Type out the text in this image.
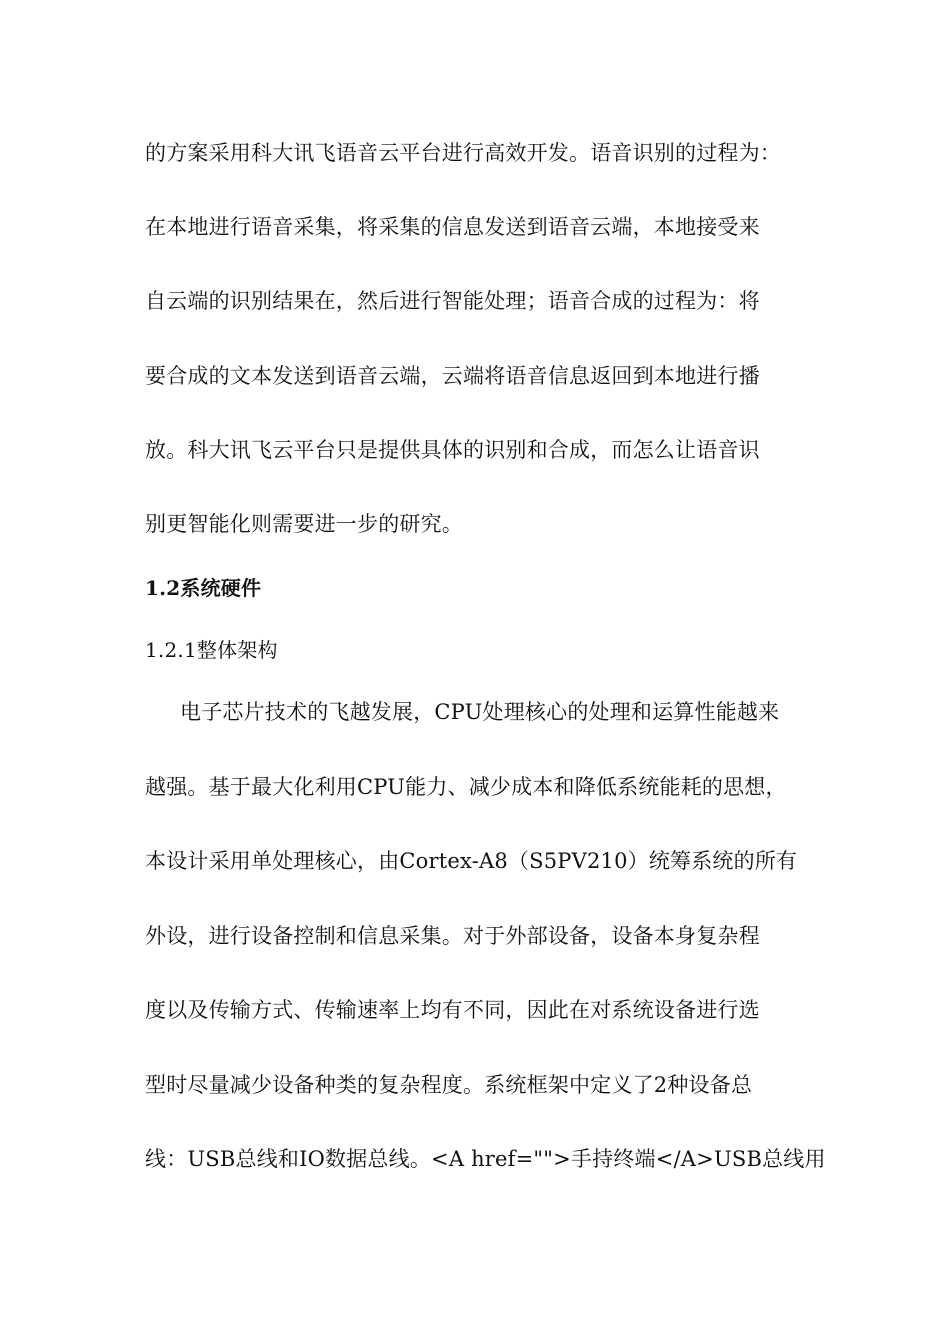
的方案采用科大讯飞语音云平台进行高效开发。语音识别的过程为：
在本地进行语音采集，将采集的信息发送到语音云端，本地接受来
自云端的识别结果在，然后进行智能处理；语音合成的过程为：将
要合成的文本发送到语音云端，云端将语音信息返回到本地进行播
放。科大讯飞云平台只是提供具体的识别和合成，而怎么让语音识
别更智能化则需要进一步的研究。
1.2系统硬件
1.2.1整体架构
电子芯片技术的飞越发展，CPU处理核心的处理和运算性能越来
越强。基于最大化利用CPU能力、减少成本和降低系统能耗的思想，
本设计采用单处理核心，由Cortex-A8（S5PV210）统筹系统的所有
外设，进行设备控制和信息采集。对于外部设备，设备本身复杂程
度以及传输方式、传输速率上均有不同，因此在对系统设备进行选
型时尽量减少设备种类的复杂程度。系统框架中定义了2种设备总
线：USB总线和IO数据总线。<A href="">手持终端</A>USB总线用
